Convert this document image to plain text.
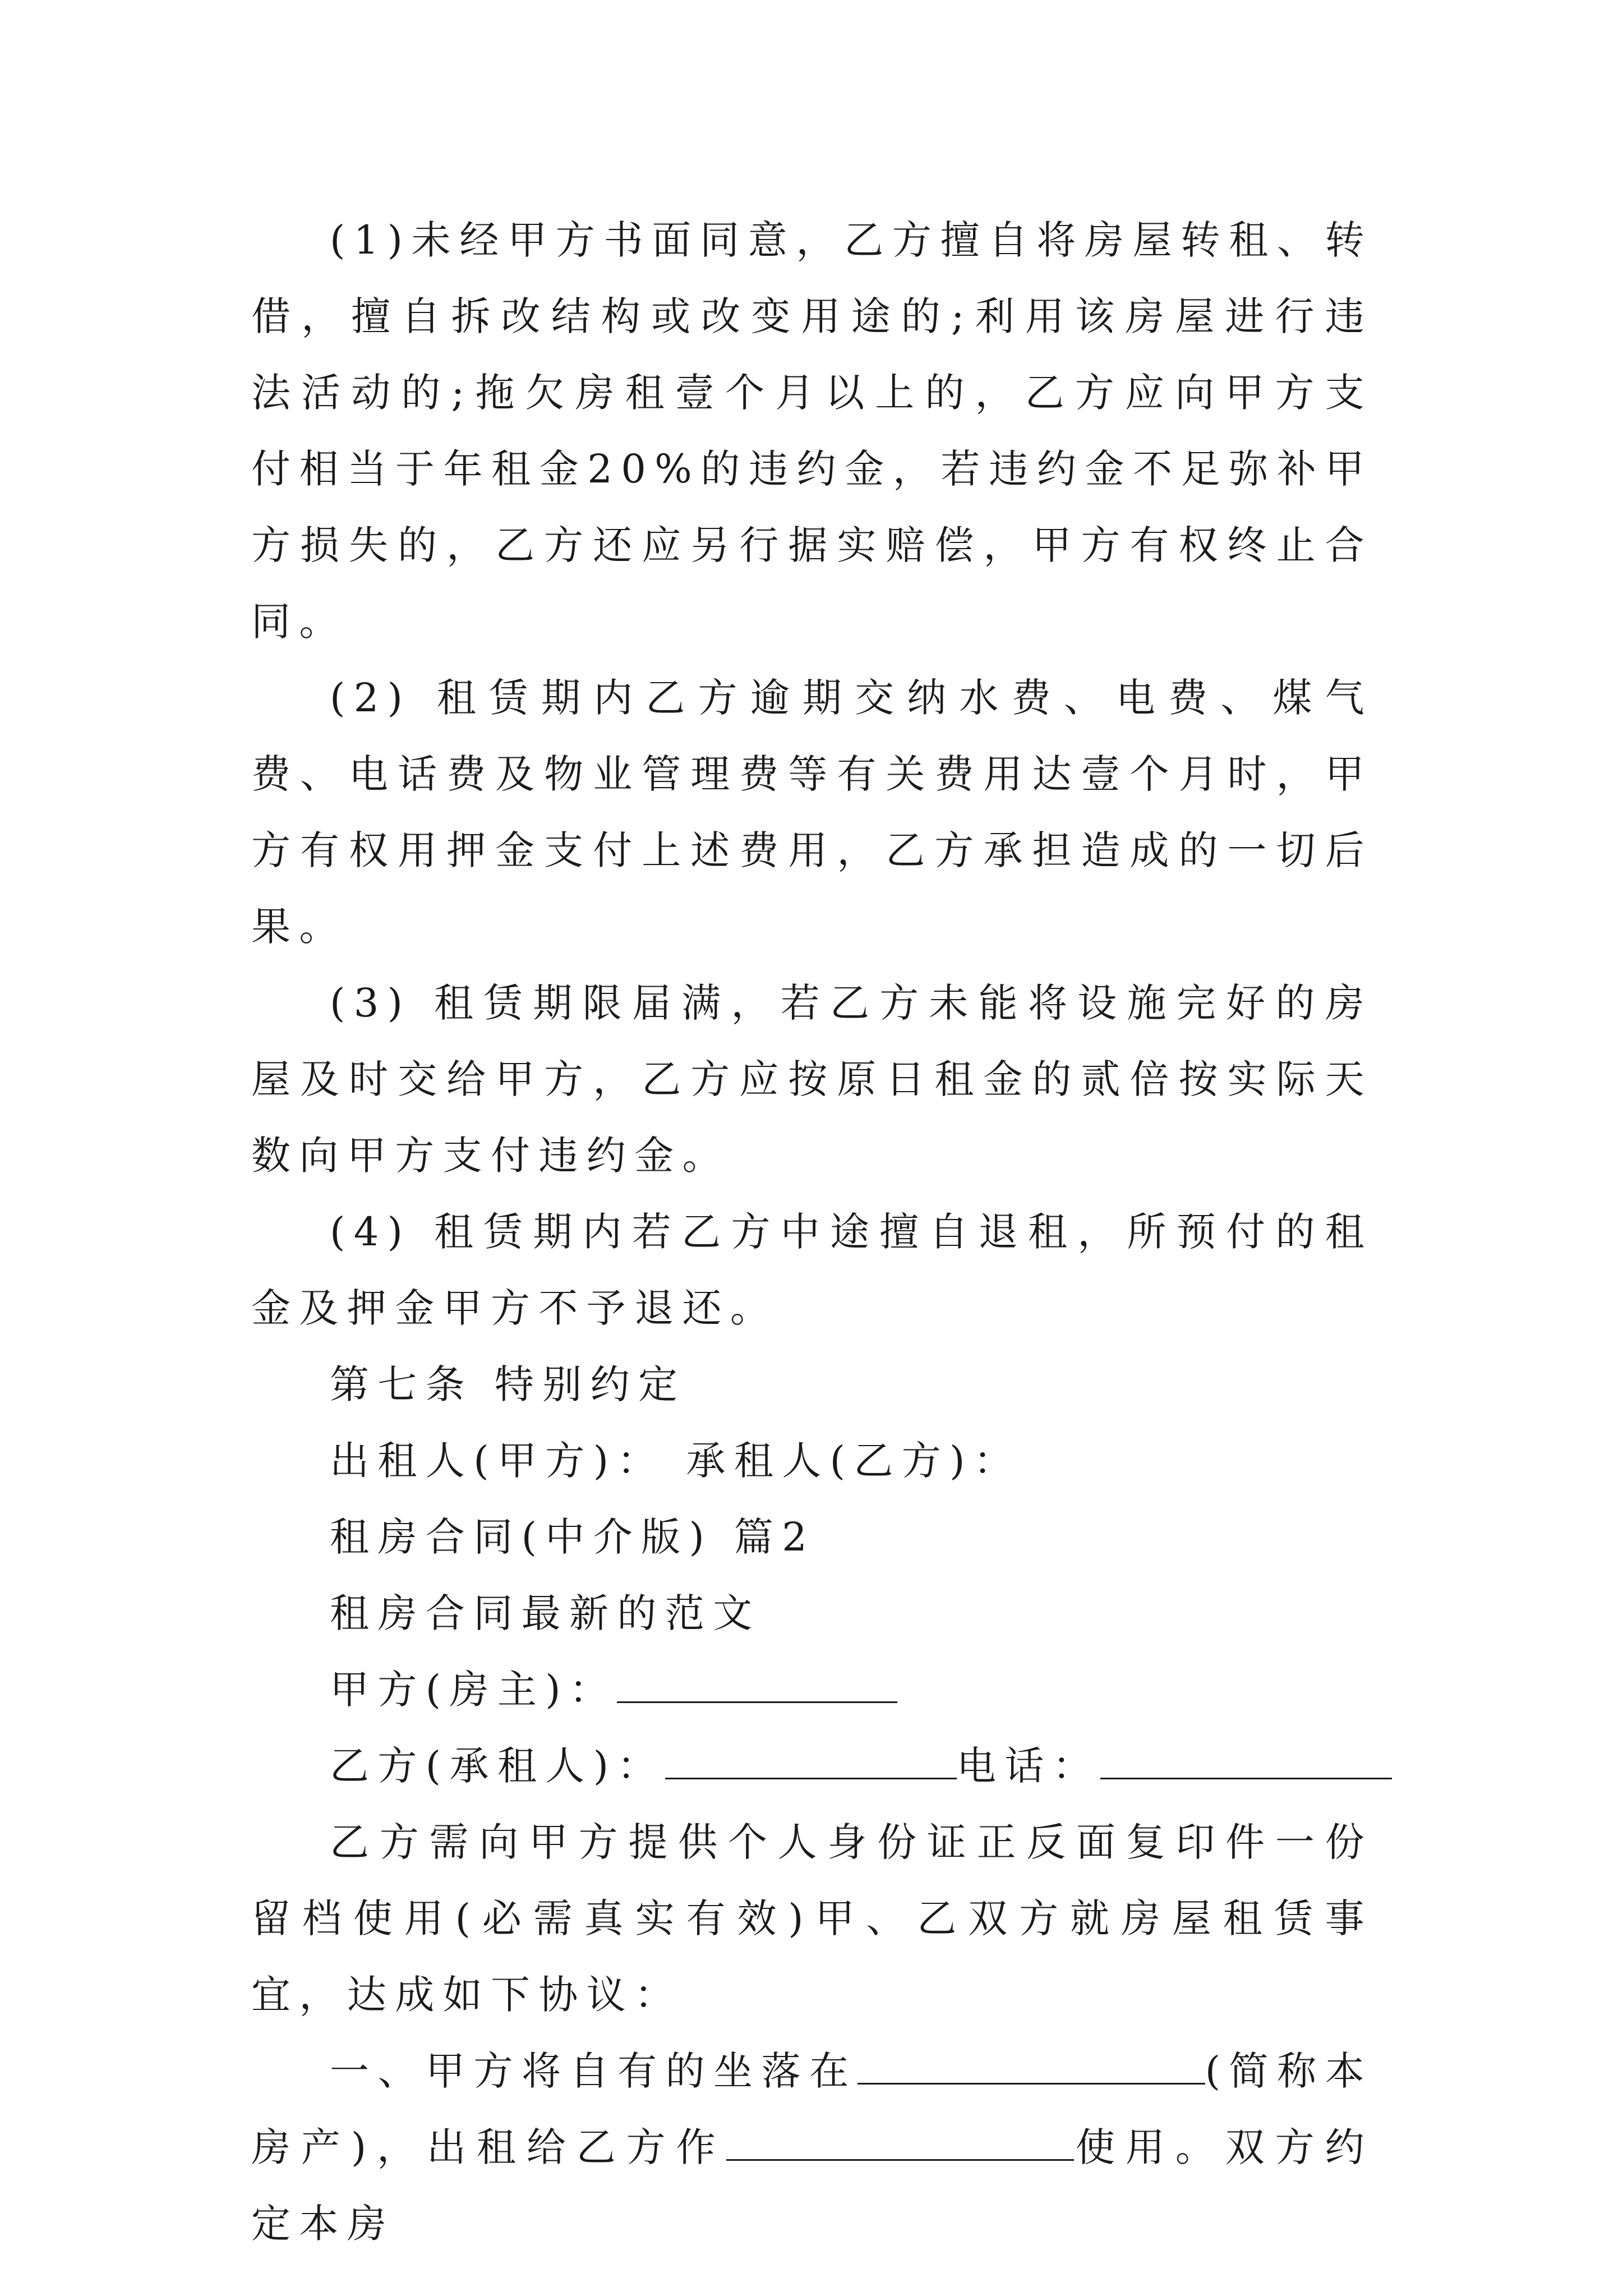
(1)未经甲方书面同意，乙方擅自将房屋转租、转借，擅自拆改结构或改变用途的;利用该房屋进行违法活动的;拖欠房租壹个月以上的，乙方应向甲方支付相当于年租金20%的违约金，若违约金不足弥补甲方损失的，乙方还应另行据实赔偿，甲方有权终止合同。

(2) 租赁期内乙方逾期交纳水费、电费、煤气费、电话费及物业管理费等有关费用达壹个月时，甲方有权用押金支付上述费用，乙方承担造成的一切后果。

(3) 租赁期限届满，若乙方未能将设施完好的房屋及时交给甲方，乙方应按原日租金的贰倍按实际天数向甲方支付违约金。

(4) 租赁期内若乙方中途擅自退租，所预付的租金及押金甲方不予退还。

第七条 特别约定

出租人(甲方)： 承租人(乙方)：

租房合同(中介版) 篇2

租房合同最新的范文

甲方(房主)：

乙方(承租人)：	电话：

乙方需向甲方提供个人身份证正反面复印件一份留档使用(必需真实有效)甲、乙双方就房屋租赁事宜，达成如下协议：

一、甲方将自有的坐落在	(简称本房产)，出租给乙方作	使用。双方约定本房
